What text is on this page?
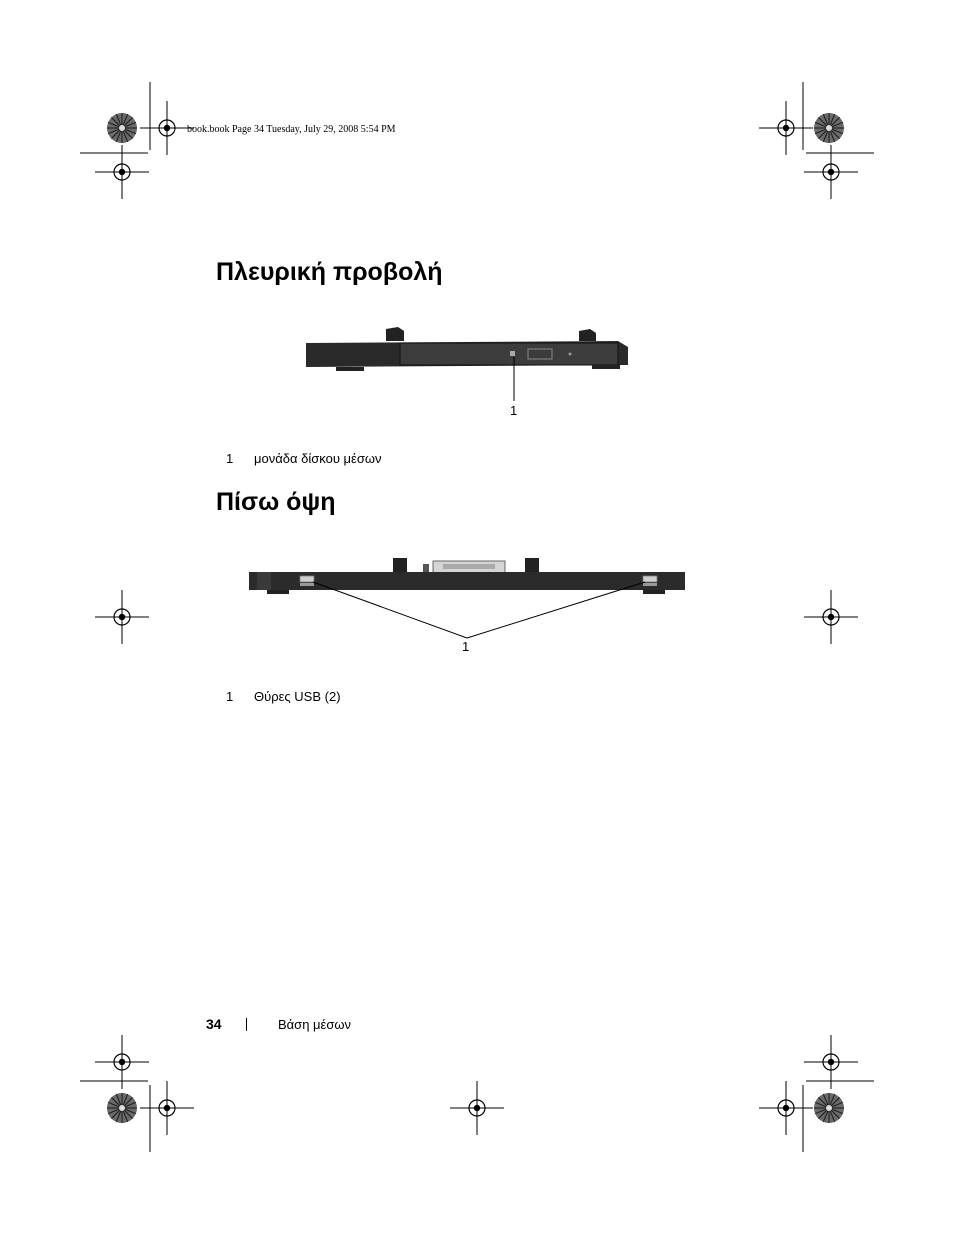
book.book Page 34 Tuesday, July 29, 2008 5:54 PM
Πλευρική προβολή
1
1 μονάδα δίσκου μέσων
Πίσω όψη
1
1 Θύρες USB (2)
34	Βάση μέσων
